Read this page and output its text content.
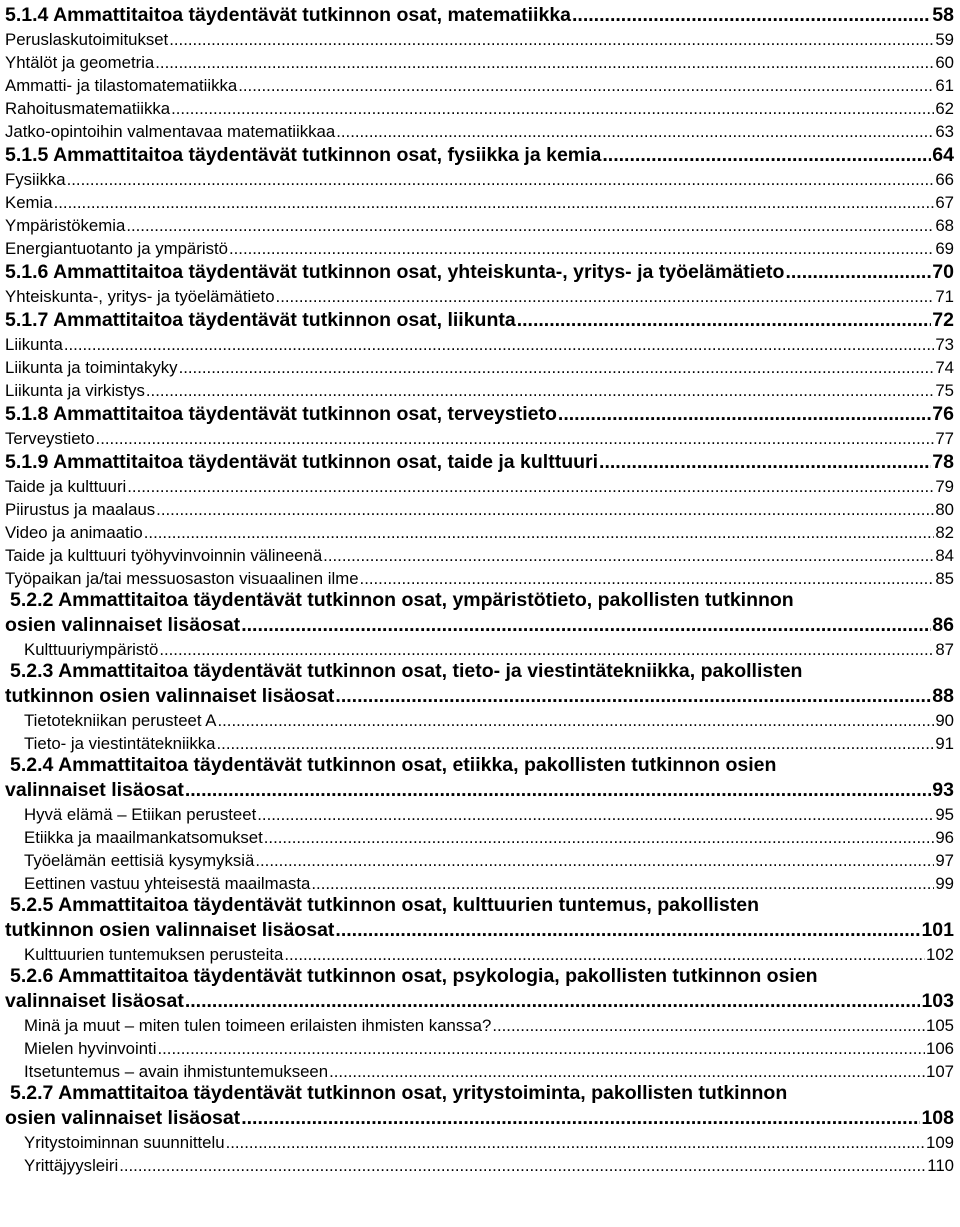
5.1.4 Ammattitaitoa täydentävät tutkinnon osat, matematiikka .....	58
Peruslaskutoimitukset .....	59
Yhtälöt ja geometria .....	60
Ammatti- ja tilastomatematiikka .....	61
Rahoitusmatematiikka .....	62
Jatko-opintoihin valmentavaa matematiikkaa .....	63
5.1.5 Ammattitaitoa täydentävät tutkinnon osat, fysiikka ja kemia .....	64
Fysiikka .....	66
Kemia .....	67
Ympäristökemia .....	68
Energiantuotanto ja ympäristö .....	69
5.1.6 Ammattitaitoa täydentävät tutkinnon osat, yhteiskunta-, yritys- ja työelämätieto .....	70
Yhteiskunta-, yritys- ja työelämätieto .....	71
5.1.7 Ammattitaitoa täydentävät tutkinnon osat, liikunta .....	72
Liikunta .....	73
Liikunta ja toimintakyky .....	74
Liikunta ja virkistys .....	75
5.1.8 Ammattitaitoa täydentävät tutkinnon osat, terveystieto .....	76
Terveystieto .....	77
5.1.9 Ammattitaitoa täydentävät tutkinnon osat, taide ja kulttuuri .....	78
Taide ja kulttuuri .....	79
Piirustus ja maalaus .....	80
Video ja animaatio .....	82
Taide ja kulttuuri työhyvinvoinnin välineenä .....	84
Työpaikan ja/tai messuosaston visuaalinen ilme .....	85
5.2.2 Ammattitaitoa täydentävät tutkinnon osat, ympäristötieto, pakollisten tutkinnon
osien valinnaiset lisäosat .....	86
Kulttuuriympäristö .....	87
5.2.3 Ammattitaitoa täydentävät tutkinnon osat, tieto- ja viestintätekniikka, pakollisten
tutkinnon osien valinnaiset lisäosat .....	88
Tietotekniikan perusteet A .....	90
Tieto- ja viestintätekniikka .....	91
5.2.4 Ammattitaitoa täydentävät tutkinnon osat, etiikka, pakollisten tutkinnon osien
valinnaiset lisäosat .....	93
Hyvä elämä – Etiikan perusteet .....	95
Etiikka ja maailmankatsomukset .....	96
Työelämän eettisiä kysymyksiä .....	97
Eettinen vastuu yhteisestä maailmasta .....	99
5.2.5 Ammattitaitoa täydentävät tutkinnon osat, kulttuurien tuntemus, pakollisten
tutkinnon osien valinnaiset lisäosat .....	101
Kulttuurien tuntemuksen perusteita .....	102
5.2.6 Ammattitaitoa täydentävät tutkinnon osat, psykologia, pakollisten tutkinnon osien
valinnaiset lisäosat .....	103
Minä ja muut – miten tulen toimeen erilaisten ihmisten kanssa? .....	105
Mielen hyvinvointi .....	106
Itsetuntemus – avain ihmistuntemukseen .....	107
5.2.7 Ammattitaitoa täydentävät tutkinnon osat, yritystoiminta, pakollisten tutkinnon
osien valinnaiset lisäosat .....	108
Yritystoiminnan suunnittelu .....	109
Yrittäjyysleiri .....	110
